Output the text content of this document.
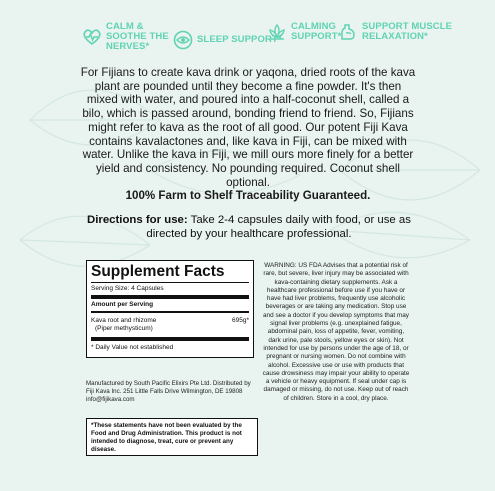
CALM & SOOTHE THE NERVES*
SLEEP SUPPORT*
CALMING SUPPORT*
SUPPORT MUSCLE RELAXATION*
For Fijians to create kava drink or yaqona, dried roots of the kava plant are pounded until they become a fine powder. It's then mixed with water, and poured into a half-coconut shell, called a bilo, which is passed around, bonding friend to friend. So, Fijians might refer to kava as the root of all good. Our potent Fiji Kava contains kavalactones and, like kava in Fiji, can be mixed with water. Unlike the kava in Fiji, we mill ours more finely for a better yield and consistency. No pounding required. Coconut shell optional.
100% Farm to Shelf Traceability Guaranteed.
Directions for use: Take 2-4 capsules daily with food, or use as directed by your healthcare professional.
Supplement Facts
Serving Size: 4 Capsules
Amount per Serving
Kava root and rhizome
(Piper methysticum)
695g*
* Daily Value not established
Manufactured by South Pacific Elixirs Pte Ltd. Distributed by Fiji Kava Inc. 251 Little Falls Drive Wilmington, DE 19808 info@fijikava.com
*These statements have not been evaluated by the Food and Drug Administration. This product is not intended to diagnose, treat, cure or prevent any disease.
WARNING: US FDA Advises that a potential risk of rare, but severe, liver injury may be associated with kava-containing dietary supplements. Ask a healthcare professional before use if you have or have had liver problems, frequently use alcoholic beverages or are taking any medication. Stop use and see a doctor if you develop symptoms that may signal liver problems (e.g. unexplained fatigue, abdominal pain, loss of appetite, fever, vomiting, dark urine, pale stools, yellow eyes or skin). Not intended for use by persons under the age of 18, or pregnant or nursing women. Do not combine with alcohol. Excessive use or use with products that cause drowsiness may impair your ability to operate a vehicle or heavy equipment. If seal under cap is damaged or missing, do not use. Keep out of reach of children. Store in a cool, dry place.
